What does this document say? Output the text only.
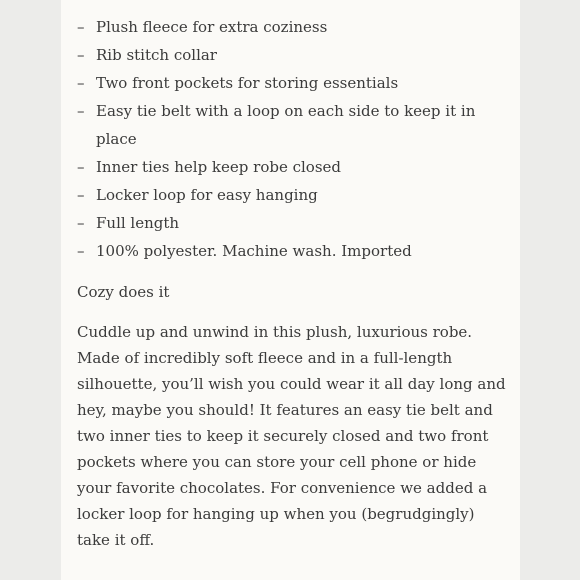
– Plush fleece for extra coziness
– Rib stitch collar
– Two front pockets for storing essentials
– Easy tie belt with a loop on each side to keep it in place
– Inner ties help keep robe closed
– Locker loop for easy hanging
– Full length
– 100% polyester. Machine wash. Imported
Cozy does it

Cuddle up and unwind in this plush, luxurious robe. Made of incredibly soft fleece and in a full-length silhouette, you’ll wish you could wear it all day long and hey, maybe you should! It features an easy tie belt and two inner ties to keep it securely closed and two front pockets where you can store your cell phone or hide your favorite chocolates. For convenience we added a locker loop for hanging up when you (begrudgingly) take it off.
